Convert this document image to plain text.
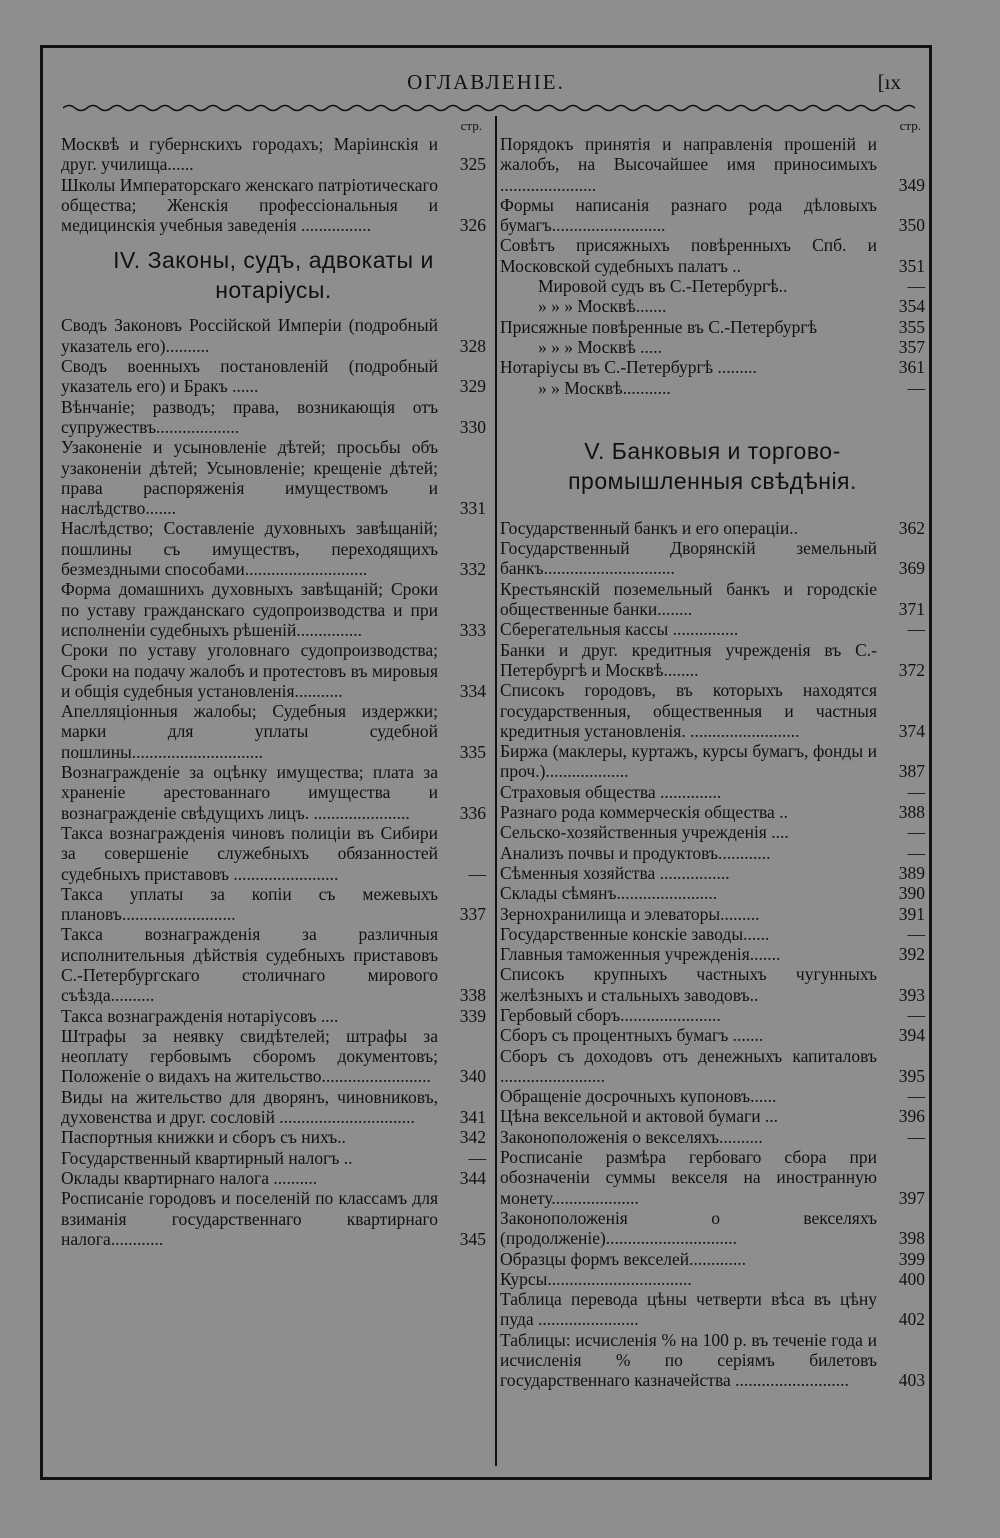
ОГЛАВЛЕНІЕ.	[ıx
стр.
Москвѣ и губернскихъ городахъ; Маріинскія и друг. училища......	325
Школы Императорскаго женскаго патріотическаго общества; Женскія профессіональныя и медицинскія учебныя заведенія ................	326
IV. Законы, судъ, адвокаты и нотаріусы.
Сводъ Законовъ Россійской Имперіи (подробный указатель его)..........	328
Сводъ военныхъ постановленій (подробный указатель его) и Бракъ ......	329
Вѣнчаніе; разводъ; права, возникающія отъ супружествъ...................	330
Узаконеніе и усыновленіе дѣтей; просьбы объ узаконеніи дѣтей; Усыновленіе; крещеніе дѣтей; права распоряженія имуществомъ и наслѣдство.......	331
Наслѣдство; Составленіе духовныхъ завѣщаній; пошлины съ имуществъ, переходящихъ безмездными способами............................	332
Форма домашнихъ духовныхъ завѣщаній; Сроки по уставу гражданскаго судопроизводства и при исполненіи судебныхъ рѣшеній...............	333
Сроки по уставу уголовнаго судопроизводства; Сроки на подачу жалобъ и протестовъ въ мировыя и общія судебныя установленія...........	334
Апелляціонныя жалобы; Судебныя издержки; марки для уплаты судебной пошлины..............................	335
Вознагражденіе за оцѣнку имущества; плата за храненіе арестованнаго имущества и вознагражденіе свѣдущихъ лицъ. ......................	336
Такса вознагражденія чиновъ полиціи въ Сибири за совершеніе служебныхъ обязанностей судебныхъ приставовъ ........................	—
Такса уплаты за копіи съ межевыхъ плановъ..........................	337
Такса вознагражденія за различныя исполнительныя дѣйствія судебныхъ приставовъ С.-Петербургскаго столичнаго мирового съѣзда..........	338
Такса вознагражденія нотаріусовъ ....	339
Штрафы за неявку свидѣтелей; штрафы за неоплату гербовымъ сборомъ документовъ; Положеніе о видахъ на жительство.........................	340
Виды на жительство для дворянъ, чиновниковъ, духовенства и друг. сословій ...............................	341
Паспортныя книжки и сборъ съ нихъ..	342
Государственный квартирный налогъ ..	—
Оклады квартирнаго налога ..........	344
Росписаніе городовъ и поселеній по классамъ для взиманія государственнаго квартирнаго налога............	345
стр.
Порядокъ принятія и направленія прошеній и жалобъ, на Высочайшее имя приносимыхъ ......................	349
Формы написанія разнаго рода дѣловыхъ бумагъ..........................	350
Совѣтъ присяжныхъ повѣренныхъ Спб. и Московской судебныхъ палатъ ..	351
Мировой судъ въ С.-Петербургѣ..	—
» » » Москвѣ.......	354
Присяжные повѣренные въ С.-Петербургѣ	355
» » » Москвѣ .....	357
Нотаріусы въ С.-Петербургѣ .........	361
» » Москвѣ...........	—
V. Банковыя и торгово-промышленныя свѣдѣнія.
Государственный банкъ и его операціи..	362
Государственный Дворянскій земельный банкъ..............................	369
Крестьянскій поземельный банкъ и городскіе общественные банки........	371
Сберегательныя кассы ...............	—
Банки и друг. кредитныя учрежденія въ С.-Петербургѣ и Москвѣ........	372
Списокъ городовъ, въ которыхъ находятся государственныя, общественныя и частныя кредитныя установленія. .........................	374
Биржа (маклеры, куртажъ, курсы бумагъ, фонды и проч.)...................	387
Страховыя общества ..............	—
Разнаго рода коммерческія общества ..	388
Сельско-хозяйственныя учрежденія ....	—
Анализъ почвы и продуктовъ............	—
Сѣменныя хозяйства ................	389
Склады сѣмянъ.......................	390
Зернохранилища и элеваторы.........	391
Государственные конскіе заводы......	—
Главныя таможенныя учрежденія.......	392
Списокъ крупныхъ частныхъ чугунныхъ желѣзныхъ и стальныхъ заводовъ..	393
Гербовый сборъ.......................	—
Сборъ съ процентныхъ бумагъ .......	394
Сборъ съ доходовъ отъ денежныхъ капиталовъ ........................	395
Обращеніе досрочныхъ купоновъ......	—
Цѣна вексельной и актовой бумаги ...	396
Законоположенія о векселяхъ..........	—
Росписаніе размѣра гербоваго сбора при обозначеніи суммы векселя на иностранную монету....................	397
Законоположенія о векселяхъ (продолженіе)..............................	398
Образцы формъ векселей.............	399
Курсы.................................	400
Таблица перевода цѣны четверти вѣса въ цѣну пуда .......................	402
Таблицы: исчисленія % на 100 р. въ теченіе года и исчисленія % по серіямъ билетовъ государственнаго казначейства ..........................	403
